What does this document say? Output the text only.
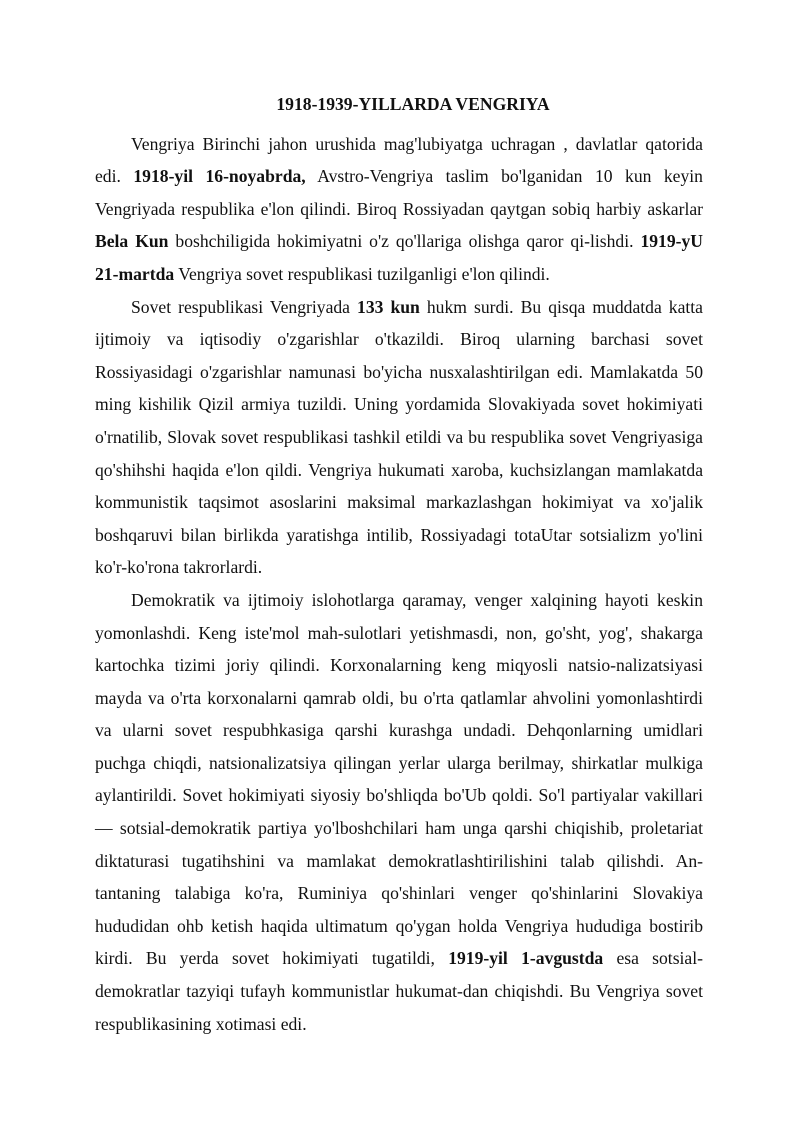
1918-1939-YILLARDA VENGRIYA

Vengriya Birinchi jahon urushida mag'lubiyatga uchragan , davlatlar qatorida edi. 1918-yil 16-noyabrda, Avstro-Vengriya taslim bo'lganidan 10 kun keyin Vengriyada respublika e'lon qilindi. Biroq Rossiyadan qaytgan sobiq harbiy askarlar Bela Kun boshchiligida hokimiyatni o'z qo'llariga olishga qaror qi-lishdi. 1919-yU 21-martda Vengriya sovet respublikasi tuzilganligi e'lon qilindi.

Sovet respublikasi Vengriyada 133 kun hukm surdi. Bu qisqa muddatda katta ijtimoiy va iqtisodiy o'zgarishlar o'tkazildi. Biroq ularning barchasi sovet Rossiyasidagi o'zgarishlar namunasi bo'yicha nusxalashtirilgan edi. Mamlakatda 50 ming kishilik Qizil armiya tuzildi. Uning yordamida Slovakiyada sovet hokimiyati o'rnatilib, Slovak sovet respublikasi tashkil etildi va bu respublika sovet Vengriyasiga qo'shihshi haqida e'lon qildi. Vengriya hukumati xaroba, kuchsizlangan mamlakatda kommunistik taqsimot asoslarini maksimal markazlashgan hokimiyat va xo'jalik boshqaruvi bilan birlikda yaratishga intilib, Rossiyadagi totaUtar sotsializm yo'lini ko'r-ko'rona takrorlardi.

Demokratik va ijtimoiy islohotlarga qaramay, venger xalqining hayoti keskin yomonlashdi. Keng iste'mol mah-sulotlari yetishmasdi, non, go'sht, yog', shakarga kartochka tizimi joriy qilindi. Korxonalarning keng miqyosli natsio-nalizatsiyasi mayda va o'rta korxonalarni qamrab oldi, bu o'rta qatlamlar ahvolini yomonlashtirdi va ularni sovet respubhkasiga qarshi kurashga undadi. Dehqonlarning umidlari puchga chiqdi, natsionalizatsiya qilingan yerlar ularga berilmay, shirkatlar mulkiga aylantirildi. Sovet hokimiyati siyosiy bo'shliqda bo'Ub qoldi. So'l partiyalar vakillari — sotsial-demokratik partiya yo'lboshchilari ham unga qarshi chiqishib, proletariat diktaturasi tugatihshini va mamlakat demokratlashtirilishini talab qilishdi. An-tantaning talabiga ko'ra, Ruminiya qo'shinlari venger qo'shinlarini Slovakiya hududidan ohb ketish haqida ultimatum qo'ygan holda Vengriya hududiga bostirib kirdi. Bu yerda sovet hokimiyati tugatildi, 1919-yil 1-avgustda esa sotsial-demokratlar tazyiqi tufayh kommunistlar hukumat-dan chiqishdi. Bu Vengriya sovet respublikasining xotimasi edi.
